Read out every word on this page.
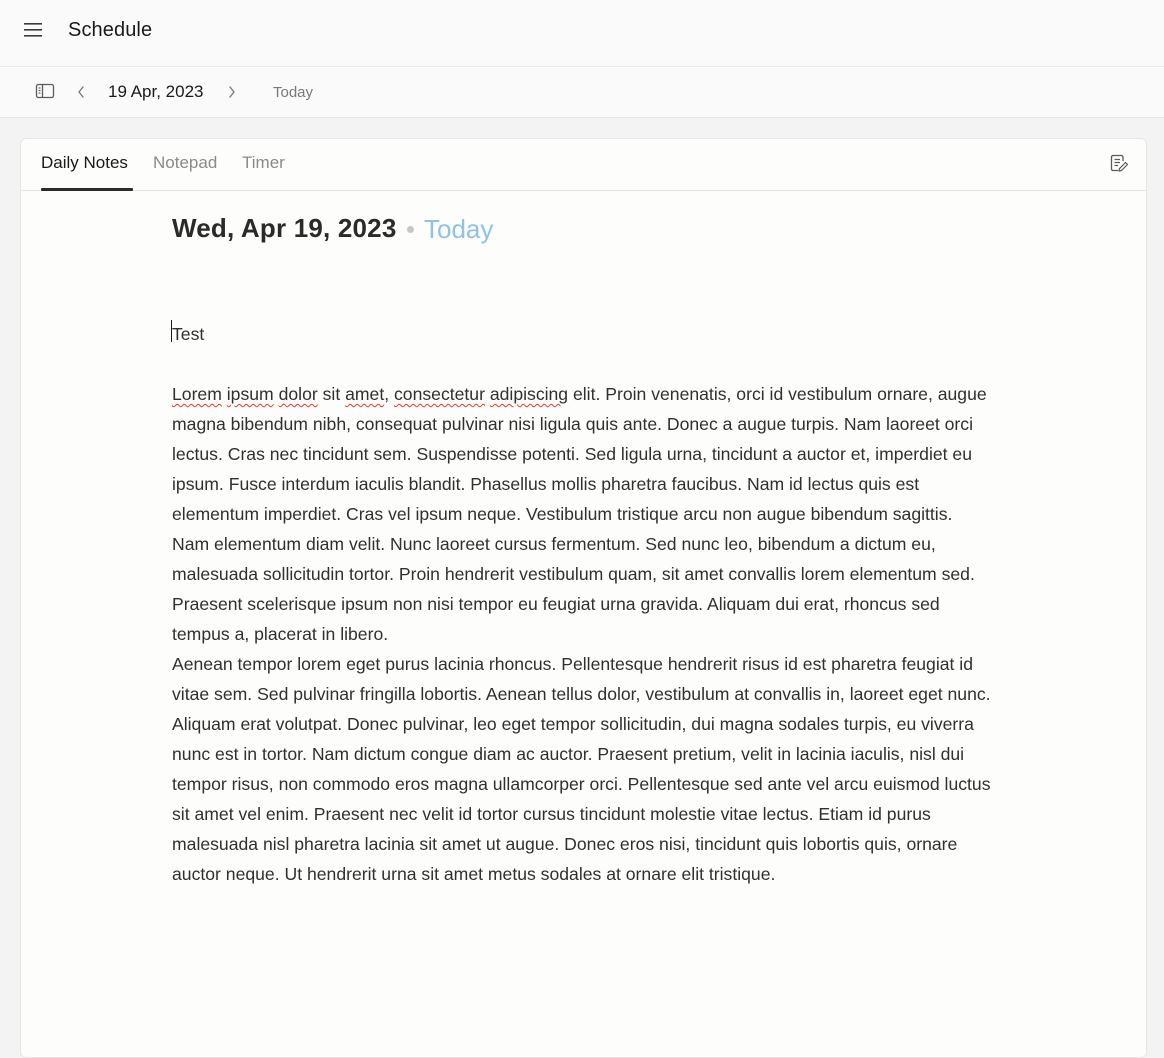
Schedule
19 Apr, 2023	Today
Daily Notes Notepad Timer
Wed, Apr 19, 2023 Today

Test

Lorem ipsum dolor sit amet, consectetur adipiscing elit. Proin venenatis, orci id vestibulum ornare, augue magna bibendum nibh, consequat pulvinar nisi ligula quis ante. Donec a augue turpis. Nam laoreet orci lectus. Cras nec tincidunt sem. Suspendisse potenti. Sed ligula urna, tincidunt a auctor et, imperdiet eu ipsum. Fusce interdum iaculis blandit. Phasellus mollis pharetra faucibus. Nam id lectus quis est elementum imperdiet. Cras vel ipsum neque. Vestibulum tristique arcu non augue bibendum sagittis. Nam elementum diam velit. Nunc laoreet cursus fermentum. Sed nunc leo, bibendum a dictum eu, malesuada sollicitudin tortor. Proin hendrerit vestibulum quam, sit amet convallis lorem elementum sed. Praesent scelerisque ipsum non nisi tempor eu feugiat urna gravida. Aliquam dui erat, rhoncus sed tempus a, placerat in libero.

Aenean tempor lorem eget purus lacinia rhoncus. Pellentesque hendrerit risus id est pharetra feugiat id vitae sem. Sed pulvinar fringilla lobortis. Aenean tellus dolor, vestibulum at convallis in, laoreet eget nunc. Aliquam erat volutpat. Donec pulvinar, leo eget tempor sollicitudin, dui magna sodales turpis, eu viverra nunc est in tortor. Nam dictum congue diam ac auctor. Praesent pretium, velit in lacinia iaculis, nisl dui tempor risus, non commodo eros magna ullamcorper orci. Pellentesque sed ante vel arcu euismod luctus sit amet vel enim. Praesent nec velit id tortor cursus tincidunt molestie vitae lectus. Etiam id purus malesuada nisl pharetra lacinia sit amet ut augue. Donec eros nisi, tincidunt quis lobortis quis, ornare auctor neque. Ut hendrerit urna sit amet metus sodales at ornare elit tristique.
